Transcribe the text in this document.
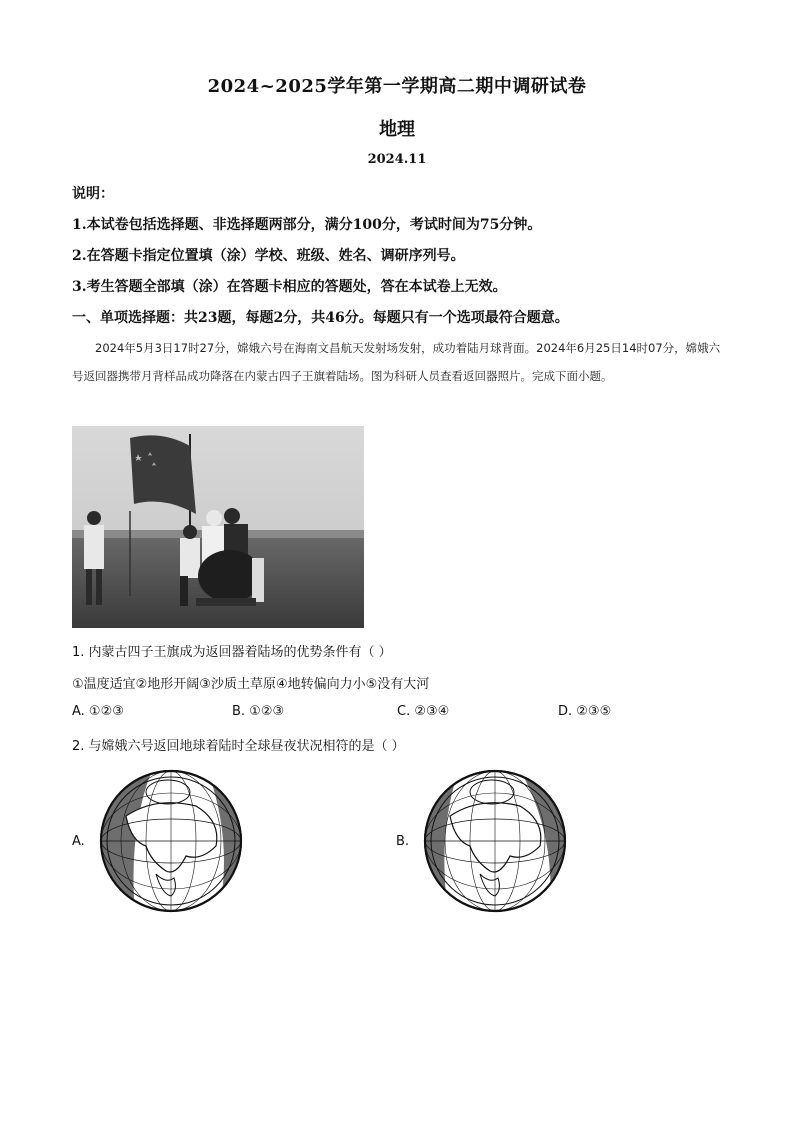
2024~2025学年第一学期高二期中调研试卷
地理
2024.11
说明：
1.本试卷包括选择题、非选择题两部分，满分100分，考试时间为75分钟。
2.在答题卡指定位置填（涂）学校、班级、姓名、调研序列号。
3.考生答题全部填（涂）在答题卡相应的答题处，答在本试卷上无效。
一、单项选择题：共23题，每题2分，共46分。每题只有一个选项最符合题意。
2024年5月3日17时27分，嫦娥六号在海南文昌航天发射场发射，成功着陆月球背面。2024年6月25日14时07分，嫦娥六号返回器携带月背样品成功降落在内蒙古四子王旗着陆场。图为科研人员查看返回器照片。完成下面小题。
1. 内蒙古四子王旗成为返回器着陆场的优势条件有（ ）
①温度适宜②地形开阔③沙质土草原④地转偏向力小⑤没有大河
A. ①②③	B. ①②③	C. ②③④	D. ②③⑤
2. 与嫦娥六号返回地球着陆时全球昼夜状况相符的是（ ）
A.	B.
